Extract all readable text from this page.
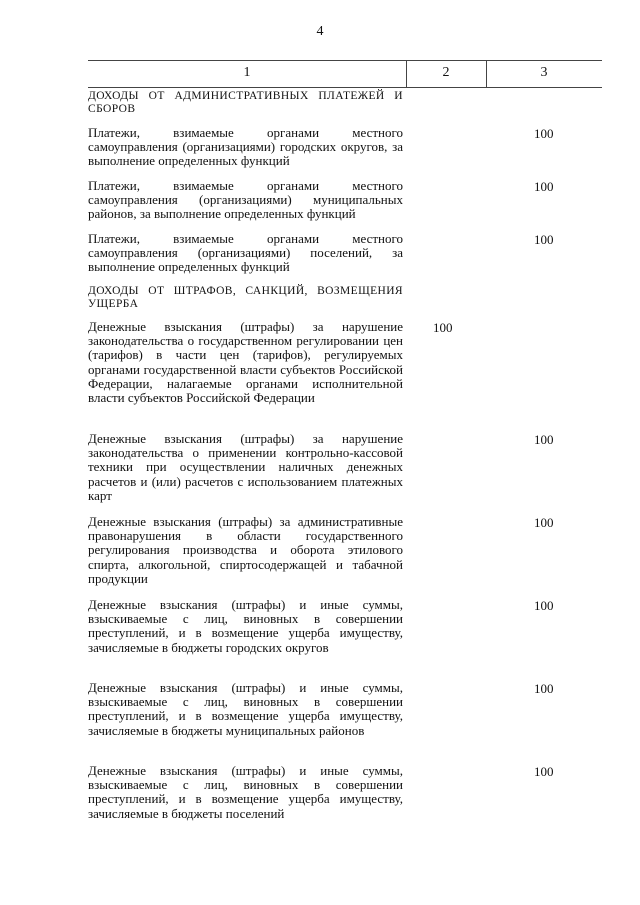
4
1	2	3
ДОХОДЫ ОТ АДМИНИСТРАТИВНЫХ ПЛАТЕЖЕЙ И СБОРОВ
Платежи, взимаемые органами местного самоуправления (организациями) городских округов, за выполнение определенных функций
100
Платежи, взимаемые органами местного самоуправления (организациями) муниципальных районов, за выполнение определенных функций
100
Платежи, взимаемые органами местного самоуправления (организациями) поселений, за выполнение определенных функций
100
ДОХОДЫ ОТ ШТРАФОВ, САНКЦИЙ, ВОЗМЕЩЕНИЯ УЩЕРБА
Денежные взыскания (штрафы) за нарушение законодательства о государственном регулировании цен (тарифов) в части цен (тарифов), регулируемых органами государственной власти субъектов Российской Федерации, налагаемые органами исполнительной власти субъектов Российской Федерации
100
Денежные взыскания (штрафы) за нарушение законодательства о применении контрольно-кассовой техники при осуществлении наличных денежных расчетов и (или) расчетов с использованием платежных карт
100
Денежные взыскания (штрафы) за административные правонарушения в области государственного регулирования производства и оборота этилового спирта, алкогольной, спиртосодержащей и табачной продукции
100
Денежные взыскания (штрафы) и иные суммы, взыскиваемые с лиц, виновных в совершении преступлений, и в возмещение ущерба имуществу, зачисляемые в бюджеты городских округов
100
Денежные взыскания (штрафы) и иные суммы, взыскиваемые с лиц, виновных в совершении преступлений, и в возмещение ущерба имуществу, зачисляемые в бюджеты муниципальных районов
100
Денежные взыскания (штрафы) и иные суммы, взыскиваемые с лиц, виновных в совершении преступлений, и в возмещение ущерба имуществу, зачисляемые в бюджеты поселений
100
